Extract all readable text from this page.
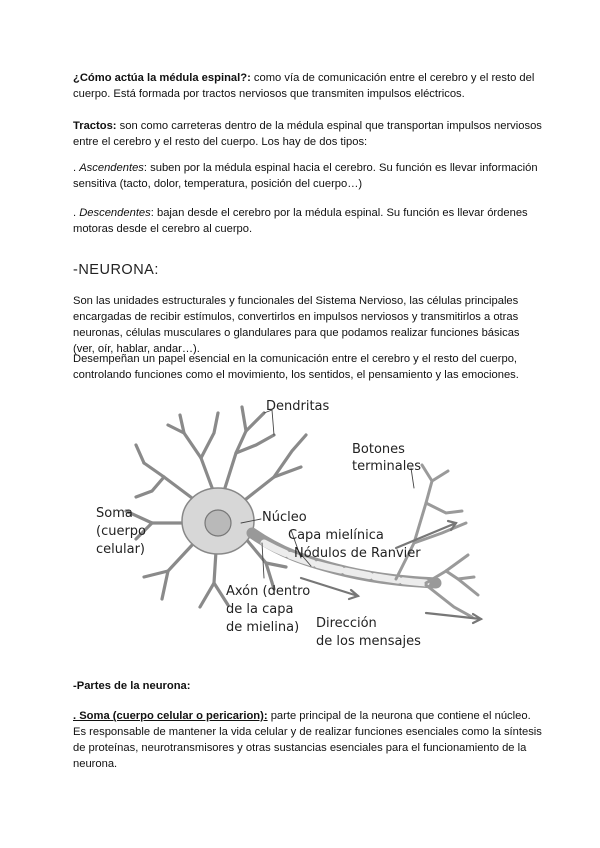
¿Cómo actúa la médula espinal?: como vía de comunicación entre el cerebro y el resto del cuerpo. Está formada por tractos nerviosos que transmiten impulsos eléctricos.

Tractos: son como carreteras dentro de la médula espinal que transportan impulsos nerviosos entre el cerebro y el resto del cuerpo. Los hay de dos tipos:

. Ascendentes: suben por la médula espinal hacia el cerebro. Su función es llevar información sensitiva (tacto, dolor, temperatura, posición del cuerpo…)

. Descendentes: bajan desde el cerebro por la médula espinal. Su función es llevar órdenes motoras desde el cerebro al cuerpo.

-NEURONA:

Son las unidades estructurales y funcionales del Sistema Nervioso, las células principales encargadas de recibir estímulos, convertirlos en impulsos nerviosos y transmitirlos a otras neuronas, células musculares o glandulares para que podamos realizar funciones básicas (ver, oír, hablar, andar…).

Desempeñan un papel esencial en la comunicación entre el cerebro y el resto del cuerpo, controlando funciones como el movimiento, los sentidos, el pensamiento y las emociones.

Dendritas
Botones
terminales
Soma
(cuerpo
celular)
Núcleo
Capa mielínica
Nódulos de Ranvier
Axón (dentro
de la capa
de mielina) Dirección
de los mensajes

-Partes de la neurona:

. Soma (cuerpo celular o pericarion): parte principal de la neurona que contiene el núcleo. Es responsable de mantener la vida celular y de realizar funciones esenciales como la síntesis de proteínas, neurotransmisores y otras sustancias esenciales para el funcionamiento de la neurona.
